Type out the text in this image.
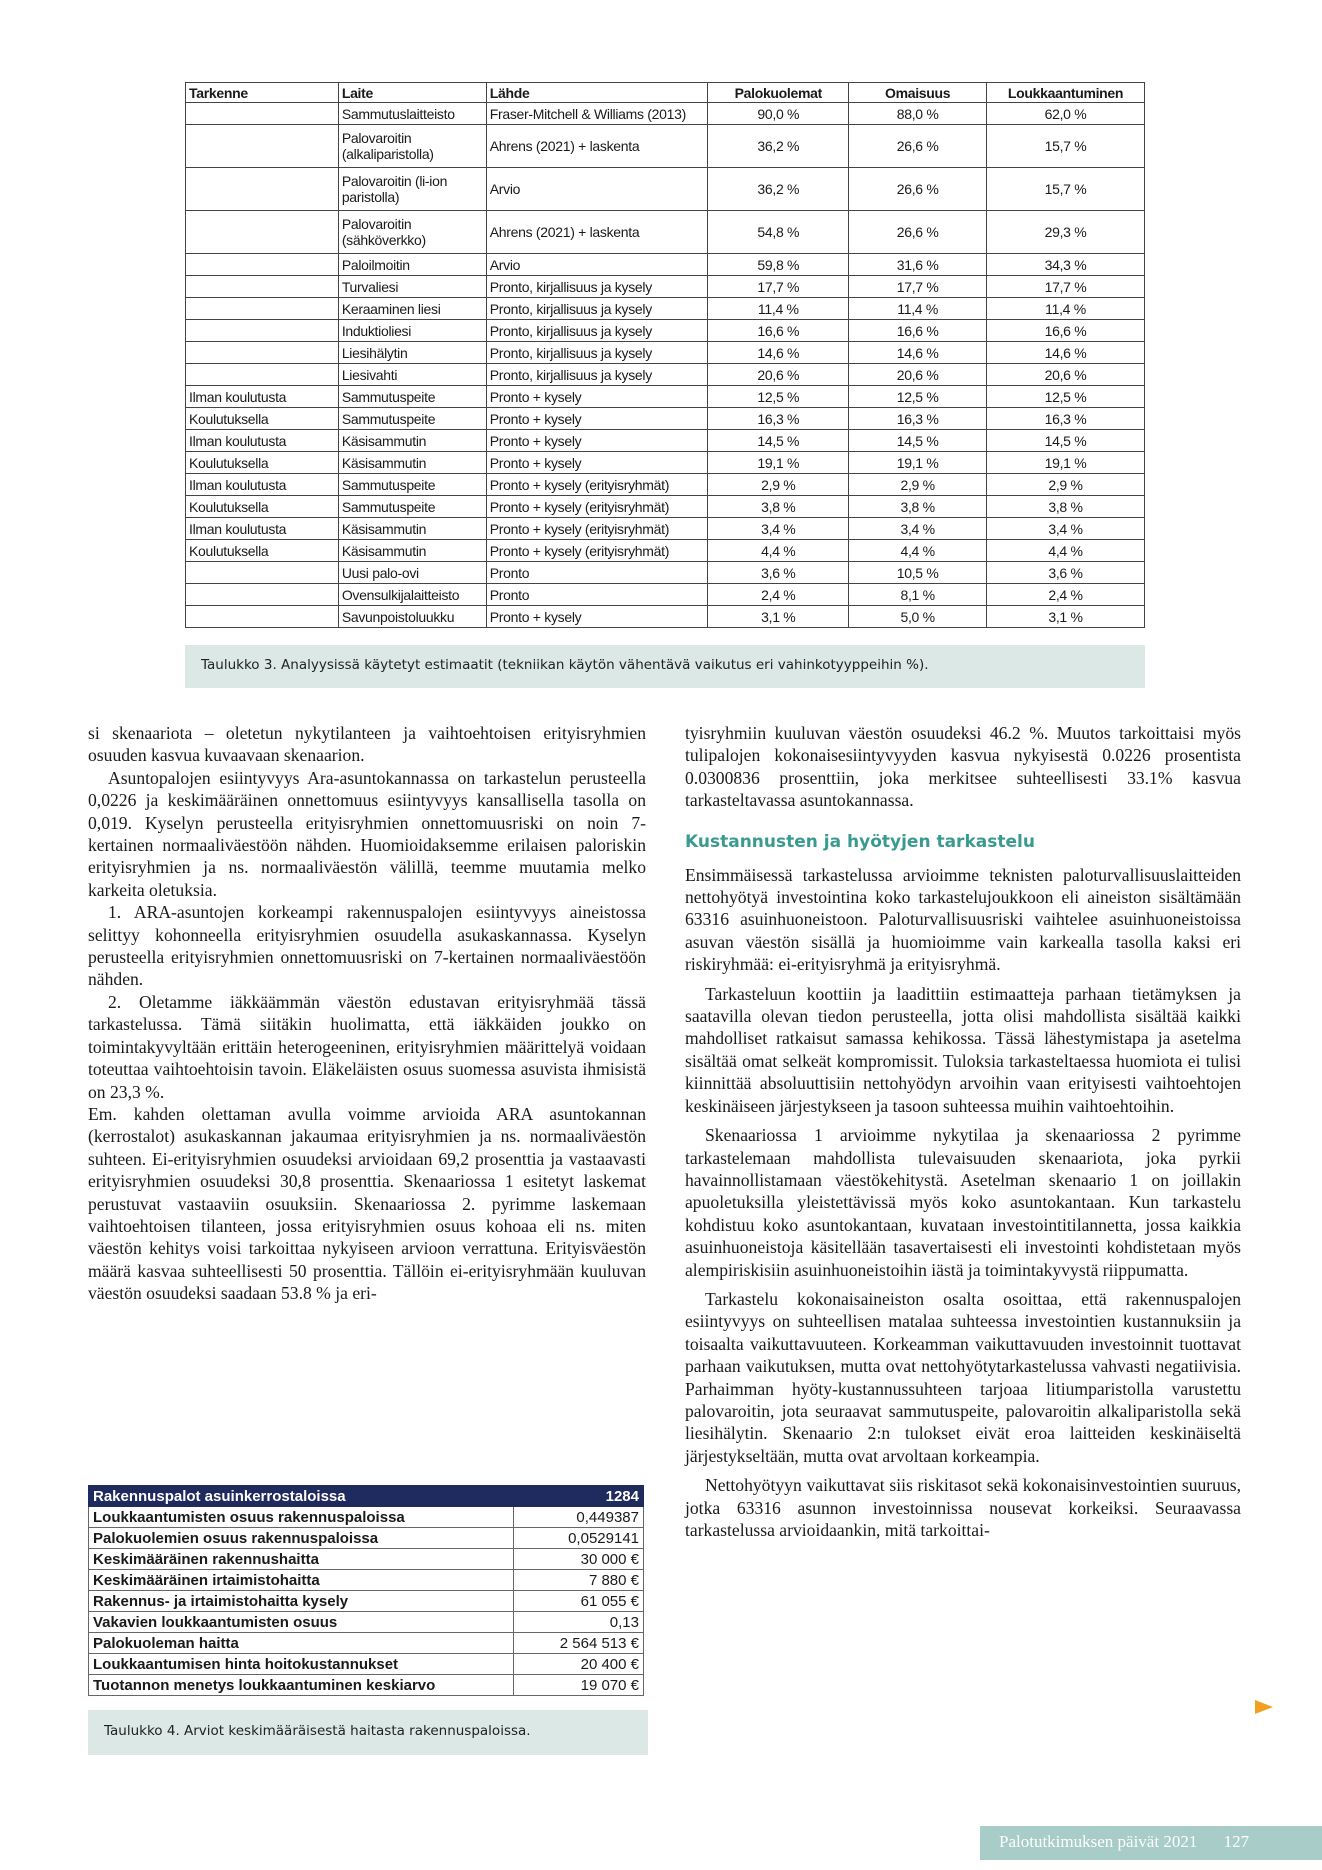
Tarkenne	Laite	Lähde	Palokuolemat	Omaisuus	Loukkaantuminen
	Sammutuslaitteisto	Fraser-Mitchell & Williams (2013)	90,0 %	88,0 %	62,0 %
	Palovaroitin (alkaliparistolla)	Ahrens (2021) + laskenta	36,2 %	26,6 %	15,7 %
	Palovaroitin (li-ion paristolla)	Arvio	36,2 %	26,6 %	15,7 %
	Palovaroitin (sähköverkko)	Ahrens (2021) + laskenta	54,8 %	26,6 %	29,3 %
	Paloilmoitin	Arvio	59,8 %	31,6 %	34,3 %
	Turvaliesi	Pronto, kirjallisuus ja kysely	17,7 %	17,7 %	17,7 %
	Keraaminen liesi	Pronto, kirjallisuus ja kysely	11,4 %	11,4 %	11,4 %
	Induktioliesi	Pronto, kirjallisuus ja kysely	16,6 %	16,6 %	16,6 %
	Liesihälytin	Pronto, kirjallisuus ja kysely	14,6 %	14,6 %	14,6 %
	Liesivahti	Pronto, kirjallisuus ja kysely	20,6 %	20,6 %	20,6 %
Ilman koulutusta	Sammutuspeite	Pronto + kysely	12,5 %	12,5 %	12,5 %
Koulutuksella	Sammutuspeite	Pronto + kysely	16,3 %	16,3 %	16,3 %
Ilman koulutusta	Käsisammutin	Pronto + kysely	14,5 %	14,5 %	14,5 %
Koulutuksella	Käsisammutin	Pronto + kysely	19,1 %	19,1 %	19,1 %
Ilman koulutusta	Sammutuspeite	Pronto + kysely (erityisryhmät)	2,9 %	2,9 %	2,9 %
Koulutuksella	Sammutuspeite	Pronto + kysely (erityisryhmät)	3,8 %	3,8 %	3,8 %
Ilman koulutusta	Käsisammutin	Pronto + kysely (erityisryhmät)	3,4 %	3,4 %	3,4 %
Koulutuksella	Käsisammutin	Pronto + kysely (erityisryhmät)	4,4 %	4,4 %	4,4 %
	Uusi palo-ovi	Pronto	3,6 %	10,5 %	3,6 %
	Ovensulkijalaitteisto	Pronto	2,4 %	8,1 %	2,4 %
	Savunpoistoluukku	Pronto + kysely	3,1 %	5,0 %	3,1 %
Taulukko 3. Analyysissä käytetyt estimaatit (tekniikan käytön vähentävä vaikutus eri vahinkotyyppeihin %).

si skenaariota – oletetun nykytilanteen ja vaihtoehtoisen erityisryhmien osuuden kasvua kuvaavaan skenaarion.

Asuntopalojen esiintyvyys Ara-asuntokannassa on tarkastelun perusteella 0,0226 ja keskimääräinen onnettomuus esiintyvyys kansallisella tasolla on 0,019. Kyselyn perusteella erityisryhmien onnettomuusriski on noin 7-kertainen normaaliväestöön nähden. Huomioidaksemme erilaisen paloriskin erityisryhmien ja ns. normaaliväestön välillä, teemme muutamia melko karkeita oletuksia.

1. ARA-asuntojen korkeampi rakennuspalojen esiintyvyys aineistossa selittyy kohonneella erityisryhmien osuudella asukaskannassa. Kyselyn perusteella erityisryhmien onnettomuusriski on 7-kertainen normaaliväestöön nähden.

2. Oletamme iäkkäämmän väestön edustavan erityisryhmää tässä tarkastelussa. Tämä siitäkin huolimatta, että iäkkäiden joukko on toimintakyvyltään erittäin heterogeeninen, erityisryhmien määrittelyä voidaan toteuttaa vaihtoehtoisin tavoin. Eläkeläisten osuus suomessa asuvista ihmisistä on 23,3 %.

Em. kahden olettaman avulla voimme arvioida ARA asuntokannan (kerrostalot) asukaskannan jakaumaa erityisryhmien ja ns. normaaliväestön suhteen. Ei-erityisryhmien osuudeksi arvioidaan 69,2 prosenttia ja vastaavasti erityisryhmien osuudeksi 30,8 prosenttia. Skenaariossa 1 esitetyt laskemat perustuvat vastaaviin osuuksiin. Skenaariossa 2. pyrimme laskemaan vaihtoehtoisen tilanteen, jossa erityisryhmien osuus kohoaa eli ns. miten väestön kehitys voisi tarkoittaa nykyiseen arvioon verrattuna. Erityisväestön määrä kasvaa suhteellisesti 50 prosenttia. Tällöin ei-erityisryhmään kuuluvan väestön osuudeksi saadaan 53.8 % ja eri-

Rakennuspalot asuinkerrostaloissa	1284
Loukkaantumisten osuus rakennuspaloissa	0,449387
Palokuolemien osuus rakennuspaloissa	0,0529141
Keskimääräinen rakennushaitta	30 000 €
Keskimääräinen irtaimistohaitta	7 880 €
Rakennus- ja irtaimistohaitta kysely	61 055 €
Vakavien loukkaantumisten osuus	0,13
Palokuoleman haitta	2 564 513 €
Loukkaantumisen hinta hoitokustannukset	20 400 €
Tuotannon menetys loukkaantuminen keskiarvo	19 070 €
Taulukko 4. Arviot keskimääräisestä haitasta rakennuspaloissa.

tyisryhmiin kuuluvan väestön osuudeksi 46.2 %. Muutos tarkoittaisi myös tulipalojen kokonaisesiintyvyyden kasvua nykyisestä 0.0226 prosentista 0.0300836 prosenttiin, joka merkitsee suhteellisesti 33.1% kasvua tarkasteltavassa asuntokannassa.

Kustannusten ja hyötyjen tarkastelu

Ensimmäisessä tarkastelussa arvioimme teknisten paloturvallisuuslaitteiden nettohyötyä investointina koko tarkastelujoukkoon eli aineiston sisältämään 63316 asuinhuoneistoon. Paloturvallisuusriski vaihtelee asuinhuoneistoissa asuvan väestön sisällä ja huomioimme vain karkealla tasolla kaksi eri riskiryhmää: ei-erityisryhmä ja erityisryhmä.

Tarkasteluun koottiin ja laadittiin estimaatteja parhaan tietämyksen ja saatavilla olevan tiedon perusteella, jotta olisi mahdollista sisältää kaikki mahdolliset ratkaisut samassa kehikossa. Tässä lähestymistapa ja asetelma sisältää omat selkeät kompromissit. Tuloksia tarkasteltaessa huomiota ei tulisi kiinnittää absoluuttisiin nettohyödyn arvoihin vaan erityisesti vaihtoehtojen keskinäiseen järjestykseen ja tasoon suhteessa muihin vaihtoehtoihin.

Skenaariossa 1 arvioimme nykytilaa ja skenaariossa 2 pyrimme tarkastelemaan mahdollista tulevaisuuden skenaariota, joka pyrkii havainnollistamaan väestökehitystä. Asetelman skenaario 1 on joillakin apuoletuksilla yleistettävissä myös koko asuntokantaan. Kun tarkastelu kohdistuu koko asuntokantaan, kuvataan investointitilannetta, jossa kaikkia asuinhuoneistoja käsitellään tasavertaisesti eli investointi kohdistetaan myös alempiriskisiin asuinhuoneistoihin iästä ja toimintakyvystä riippumatta.

Tarkastelu kokonaisaineiston osalta osoittaa, että rakennuspalojen esiintyvyys on suhteellisen matalaa suhteessa investointien kustannuksiin ja toisaalta vaikuttavuuteen. Korkeamman vaikuttavuuden investoinnit tuottavat parhaan vaikutuksen, mutta ovat nettohyötytarkastelussa vahvasti negatiivisia. Parhaimman hyöty-kustannussuhteen tarjoaa litiumparistolla varustettu palovaroitin, jota seuraavat sammutuspeite, palovaroitin alkaliparistolla sekä liesihälytin. Skenaario 2:n tulokset eivät eroa laitteiden keskinäiseltä järjestykseltään, mutta ovat arvoltaan korkeampia.

Nettohyötyyn vaikuttavat siis riskitasot sekä kokonaisinvestointien suuruus, jotka 63316 asunnon investoinnissa nousevat korkeiksi. Seuraavassa tarkastelussa arvioidaankin, mitä tarkoittai-

Palotutkimuksen päivät 2021 127
